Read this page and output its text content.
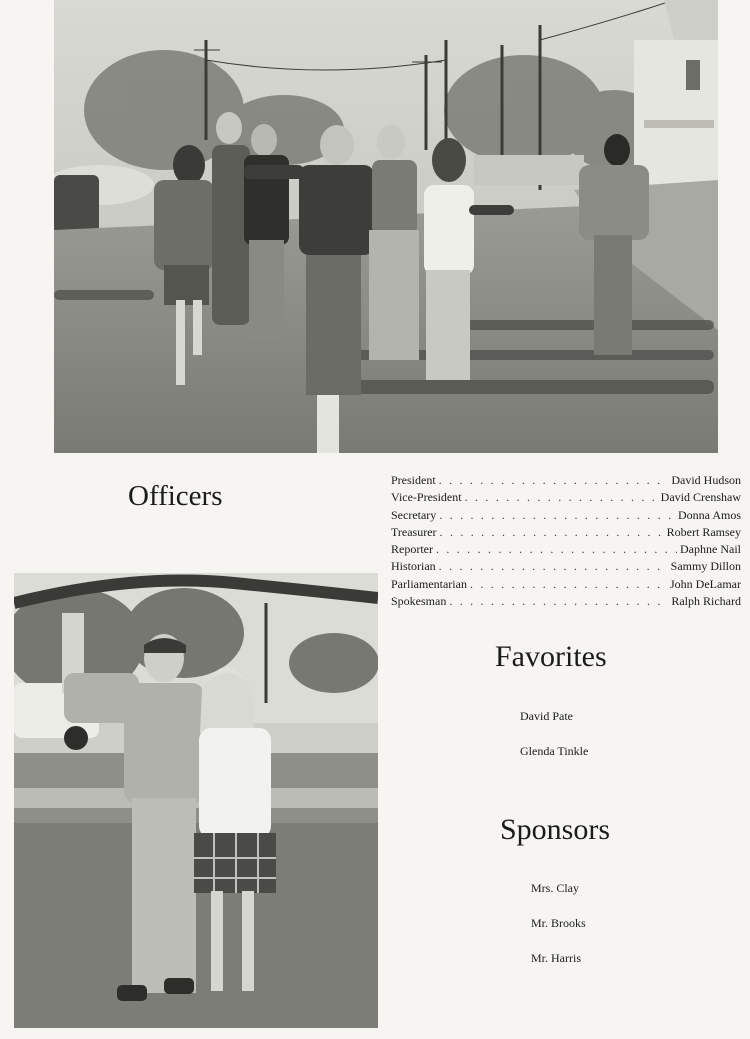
Officers	President . . .	David Hudson
Vice-President . . .	David Crenshaw
Secretary . . .	Donna Amos
Treasurer . . .	Robert Ramsey
Reporter . . .	Daphne Nail
Historian . . .	Sammy Dillon
Parliamentarian . . .	John DeLamar
Spokesman . . .	Ralph Richard
Favorites
David Pate
Glenda Tinkle
Sponsors
Mrs. Clay
Mr. Brooks
Mr. Harris
